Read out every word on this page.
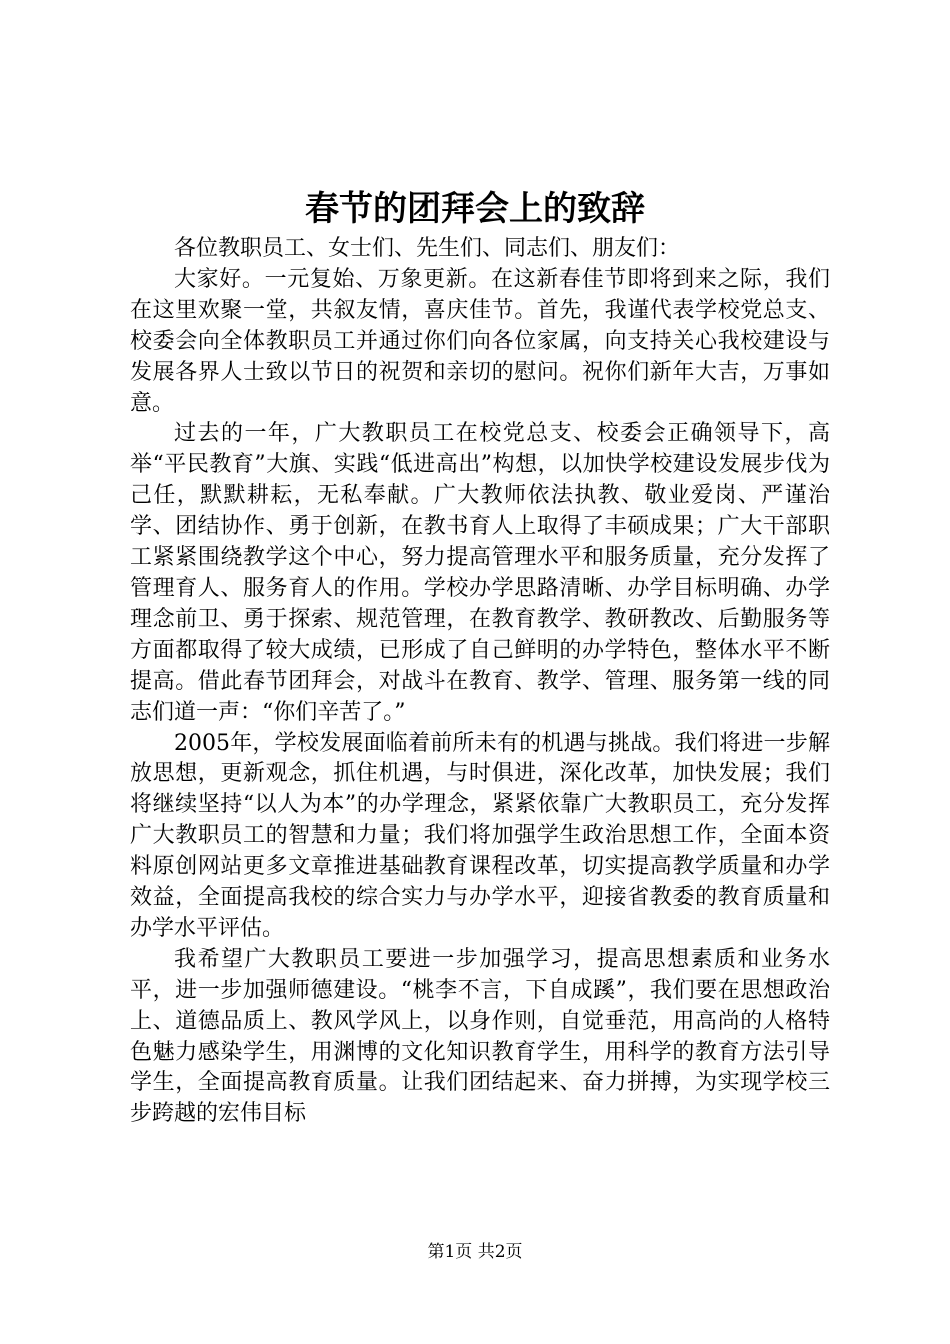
春节的团拜会上的致辞

各位教职员工、女士们、先生们、同志们、朋友们：

大家好。一元复始、万象更新。在这新春佳节即将到来之际，我们在这里欢聚一堂，共叙友情，喜庆佳节。首先，我谨代表学校党总支、校委会向全体教职员工并通过你们向各位家属，向支持关心我校建设与发展各界人士致以节日的祝贺和亲切的慰问。祝你们新年大吉，万事如意。

过去的一年，广大教职员工在校党总支、校委会正确领导下，高举“平民教育”大旗、实践“低进高出”构想，以加快学校建设发展步伐为己任，默默耕耘，无私奉献。广大教师依法执教、敬业爱岗、严谨治学、团结协作、勇于创新，在教书育人上取得了丰硕成果；广大干部职工紧紧围绕教学这个中心，努力提高管理水平和服务质量，充分发挥了管理育人、服务育人的作用。学校办学思路清晰、办学目标明确、办学理念前卫、勇于探索、规范管理，在教育教学、教研教改、后勤服务等方面都取得了较大成绩，已形成了自己鲜明的办学特色，整体水平不断提高。借此春节团拜会，对战斗在教育、教学、管理、服务第一线的同志们道一声：“你们辛苦了。”

2005年，学校发展面临着前所未有的机遇与挑战。我们将进一步解放思想，更新观念，抓住机遇，与时俱进，深化改革，加快发展；我们将继续坚持“以人为本”的办学理念，紧紧依靠广大教职员工，充分发挥广大教职员工的智慧和力量；我们将加强学生政治思想工作，全面本资料原创网站更多文章推进基础教育课程改革，切实提高教学质量和办学效益，全面提高我校的综合实力与办学水平，迎接省教委的教育质量和办学水平评估。

我希望广大教职员工要进一步加强学习，提高思想素质和业务水平，进一步加强师德建设。“桃李不言，下自成蹊”，我们要在思想政治上、道德品质上、教风学风上，以身作则，自觉垂范，用高尚的人格特色魅力感染学生，用渊博的文化知识教育学生，用科学的教育方法引导学生，全面提高教育质量。让我们团结起来、奋力拼搏，为实现学校三步跨越的宏伟目标

第1页 共2页
